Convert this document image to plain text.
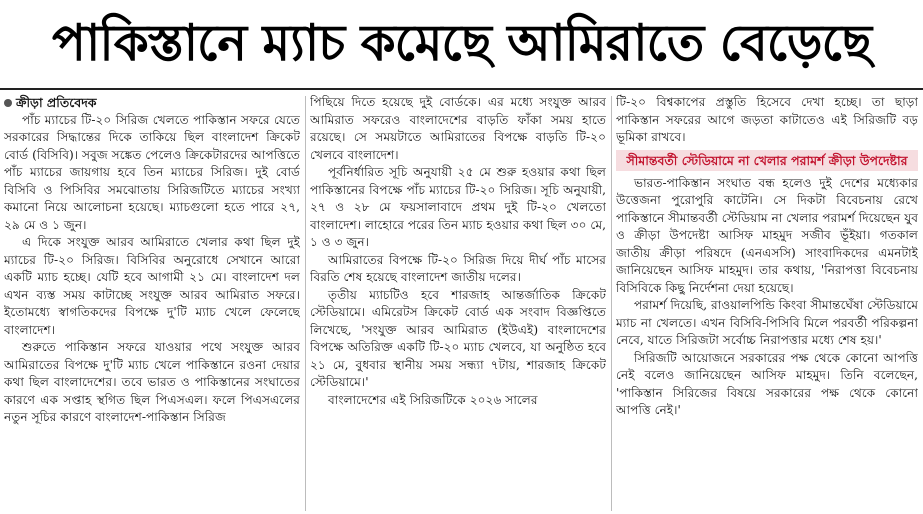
পাকিস্তানে ম্যাচ কমেছে আমিরাতে বেড়েছে
ক্রীড়া প্রতিবেদক

পাঁচ ম্যাচের টি-২০ সিরিজ খেলতে পাকিস্তান সফরে যেতে সরকারের সিদ্ধান্তের দিকে তাকিয়ে ছিল বাংলাদেশ ক্রিকেট বোর্ড (বিসিবি)। সবুজ সঙ্কেত পেলেও ক্রিকেটারদের আপত্তিতে পাঁচ ম্যাচের জায়গায় হবে তিন ম্যাচের সিরিজ। দুই বোর্ড বিসিবি ও পিসিবির সমঝোতায় সিরিজটিতে ম্যাচের সংখ্যা কমানো নিয়ে আলোচনা হয়েছে। ম্যাচগুলো হতে পারে ২৭, ২৯ মে ও ১ জুন।

এ দিকে সংযুক্ত আরব আমিরাতে খেলার কথা ছিল দুই ম্যাচের টি-২০ সিরিজ। বিসিবির অনুরোধে সেখানে আরো একটি ম্যাচ হচ্ছে। যেটি হবে আগামী ২১ মে। বাংলাদেশ দল এখন ব্যস্ত সময় কাটাচ্ছে সংযুক্ত আরব আমিরাত সফরে। ইতোমধ্যে স্বাগতিকদের বিপক্ষে দু'টি ম্যাচ খেলে ফেলেছে বাংলাদেশ।

শুরুতে পাকিস্তান সফরে যাওয়ার পথে সংযুক্ত আরব আমিরাতের বিপক্ষে দু'টি ম্যাচ খেলে পাকিস্তানে রওনা দেয়ার কথা ছিল বাংলাদেশের। তবে ভারত ও পাকিস্তানের সংঘাতের কারণে এক সপ্তাহ স্থগিত ছিল পিএসএল। ফলে পিএসএলের নতুন সূচির কারণে বাংলাদেশ-পাকিস্তান সিরিজ

পিছিয়ে দিতে হয়েছে দুই বোর্ডকে। এর মধ্যে সংযুক্ত আরব আমিরাত সফরেও বাংলাদেশের বাড়তি ফাঁকা সময় হাতে রয়েছে। সে সময়টাতে আমিরাতের বিপক্ষে বাড়তি টি-২০ খেলবে বাংলাদেশ।

পূর্বনির্ধারিত সূচি অনুযায়ী ২৫ মে শুরু হওয়ার কথা ছিল পাকিস্তানের বিপক্ষে পাঁচ ম্যাচের টি-২০ সিরিজ। সূচি অনুযায়ী, ২৭ ও ২৮ মে ফয়সালাবাদে প্রথম দুই টি-২০ খেলতো বাংলাদেশ। লাহোরে পরের তিন ম্যাচ হওয়ার কথা ছিল ৩০ মে, ১ ও ৩ জুন।

আমিরাতের বিপক্ষে টি-২০ সিরিজ দিয়ে দীর্ঘ পাঁচ মাসের বিরতি শেষ হয়েছে বাংলাদেশ জাতীয় দলের।

তৃতীয় ম্যাচটিও হবে শারজাহ আন্তর্জাতিক ক্রিকেট স্টেডিয়ামে। এমিরেটস ক্রিকেট বোর্ড এক সংবাদ বিজ্ঞপ্তিতে লিখেছে, 'সংযুক্ত আরব আমিরাত (ইউএই) বাংলাদেশের বিপক্ষে অতিরিক্ত একটি টি-২০ ম্যাচ খেলবে, যা অনুষ্ঠিত হবে ২১ মে, বুধবার স্থানীয় সময় সন্ধ্যা ৭টায়, শারজাহ ক্রিকেট স্টেডিয়ামে।'

বাংলাদেশের এই সিরিজটিকে ২০২৬ সালের

টি-২০ বিশ্বকাপের প্রস্তুতি হিসেবে দেখা হচ্ছে। তা ছাড়া পাকিস্তান সফরের আগে জড়তা কাটাতেও এই সিরিজটি বড় ভূমিকা রাখবে।

সীমান্তবর্তী স্টেডিয়ামে না খেলার পরামর্শ ক্রীড়া উপদেষ্টার

ভারত-পাকিস্তান সংঘাত বন্ধ হলেও দুই দেশের মধ্যেকার উত্তেজনা পুরোপুরি কাটেনি। সে দিকটা বিবেচনায় রেখে পাকিস্তানে সীমান্তবর্তী স্টেডিয়াম না খেলার পরামর্শ দিয়েছেন যুব ও ক্রীড়া উপদেষ্টা আসিফ মাহমুদ সজীব ভূঁইয়া। গতকাল জাতীয় ক্রীড়া পরিষদে (এনএসসি) সাংবাদিকদের এমনটাই জানিয়েছেন আসিফ মাহমুদ। তার কথায়, 'নিরাপত্তা বিবেচনায় বিসিবিকে কিছু নির্দেশনা দেয়া হয়েছে।

পরামর্শ দিয়েছি, রাওয়ালপিন্ডি কিংবা সীমান্তঘেঁষা স্টেডিয়ামে ম্যাচ না খেলতে। এখন বিসিবি-পিসিবি মিলে পরবর্তী পরিকল্পনা নেবে, যাতে সিরিজটা সর্বোচ্চ নিরাপত্তার মধ্যে শেষ হয়।'

সিরিজটি আয়োজনে সরকারের পক্ষ থেকে কোনো আপত্তি নেই বলেও জানিয়েছেন আসিফ মাহমুদ। তিনি বলেছেন, 'পাকিস্তান সিরিজের বিষয়ে সরকারের পক্ষ থেকে কোনো আপত্তি নেই।'
